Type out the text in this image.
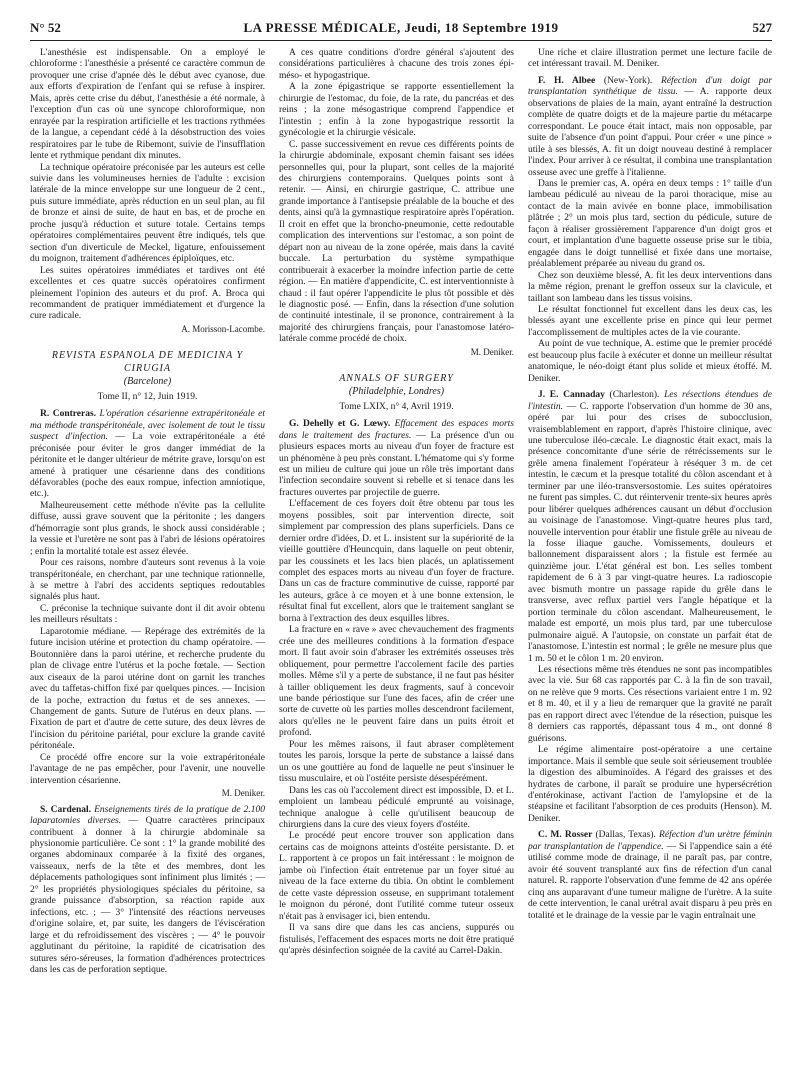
N° 52	LA PRESSE MÉDICALE, Jeudi, 18 Septembre 1919	527

L'anesthésie est indispensable. On a employé le chloroforme : l'anesthésie a présenté ce caractère commun de provoquer une crise d'apnée dès le début avec cyanose, due aux efforts d'expiration de l'enfant qui se refuse à inspirer. Mais, après cette crise du début, l'anesthésie a été normale, à l'exception d'un cas où une syncope chloroformique, non enrayée par la respiration artificielle et les tractions rythmées de la langue, a cependant cédé à la désobstruction des voies respiratoires par le tube de Ribemont, suivie de l'insufflation lente et rythmique pendant dix minutes.

La technique opératoire préconisée par les auteurs est celle suivie dans les volumineuses hernies de l'adulte : excision latérale de la mince enveloppe sur une longueur de 2 cent., puis suture immédiate, après réduction en un seul plan, au fil de bronze et ainsi de suite, de haut en bas, et de proche en proche jusqu'à réduction et suture totale. Certains temps opératoires complémentaires peuvent être indiqués, tels que section d'un diverticule de Meckel, ligature, enfouissement du moignon, traitement d'adhérences épiploïques, etc.

Les suites opératoires immédiates et tardives ont été excellentes et ces quatre succès opératoires confirment pleinement l'opinion des auteurs et du prof. A. Broca qui recommandent de pratiquer immédiatement et d'urgence la cure radicale.

A. Morisson-Lacombe.

REVISTA ESPANOLA DE MEDICINA Y CIRUGIA

(Barcelone)

Tome II, n° 12, Juin 1919.

R. Contreras. L'opération césarienne extrapéritonéale et ma méthode transpéritonéale, avec isolement de tout le tissu suspect d'infection. — La voie extrapéritonéale a été préconisée pour éviter le gros danger immédiat de la péritonite et le danger ultérieur de métrite grave, lorsqu'on est amené à pratiquer une césarienne dans des conditions défavorables (poche des eaux rompue, infection amniotique, etc.).

Malheureusement cette méthode n'évite pas la cellulite diffuse, aussi grave souvent que la péritonite ; les dangers d'hémorragie sont plus grands, le shock aussi considérable ; la vessie et l'uretère ne sont pas à l'abri de lésions opératoires ; enfin la mortalité totale est assez élevée.

Pour ces raisons, nombre d'auteurs sont revenus à la voie transpéritonéale, en cherchant, par une technique rationnelle, à se mettre à l'abri des accidents septiques redoutables signalés plus haut.

C. préconise la technique suivante dont il dit avoir obtenu les meilleurs résultats :

Laparotomie médiane. — Repérage des extrémités de la future incision utérine et protection du champ opératoire. — Boutonnière dans la paroi utérine, et recherche prudente du plan de clivage entre l'utérus et la poche fœtale. — Section aux ciseaux de la paroi utérine dont on garnit les tranches avec du taffetas-chiffon fixé par quelques pinces. — Incision de la poche, extraction du fœtus et de ses annexes. — Changement de gants. Suture de l'utérus en deux plans. — Fixation de part et d'autre de cette suture, des deux lèvres de l'incision du péritoine pariétal, pour exclure la grande cavité péritonéale.

Ce procédé offre encore sur la voie extrapéritonéale l'avantage de ne pas empêcher, pour l'avenir, une nouvelle intervention césarienne.

M. Deniker.

S. Cardenal. Enseignements tirés de la pratique de 2.100 laparatomies diverses. — Quatre caractères principaux contribuent à donner à la chirurgie abdominale sa physionomie particulière. Ce sont : 1° la grande mobilité des organes abdominaux comparée à la fixité des organes, vaisseaux, nerfs de la tête et des membres, dont les déplacements pathologiques sont infiniment plus limités ; — 2° les propriétés physiologiques spéciales du péritoine, sa grande puissance d'absorption, sa réaction rapide aux infections, etc. ; — 3° l'intensité des réactions nerveuses d'origine solaire, et, par suite, les dangers de l'éviscération large et du refroidissement des viscères ; — 4° le pouvoir agglutinant du péritoine, la rapidité de cicatrisation des sutures séro-séreuses, la formation d'adhérences protectrices dans les cas de perforation septique.

A ces quatre conditions d'ordre général s'ajoutent des considérations particulières à chacune des trois zones épi- méso- et hypogastrique.

A la zone épigastrique se rapporte essentiellement la chirurgie de l'estomac, du foie, de la rate, du pancréas et des reins ; la zone mésogastrique comprend l'appendice et l'intestin ; enfin à la zone hypogastrique ressortit la gynécologie et la chirurgie vésicale.

C. passe successivement en revue ces différents points de la chirurgie abdominale, exposant chemin faisant ses idées personnelles qui, pour la plupart, sont celles de la majorité des chirurgiens contemporains. Quelques points sont à retenir. — Ainsi, en chirurgie gastrique, C. attribue une grande importance à l'antisepsie préalable de la bouche et des dents, ainsi qu'à la gymnastique respiratoire après l'opération. Il croit en effet que la broncho-pneumonie, cette redoutable complication des interventions sur l'estomac, a son point de départ non au niveau de la zone opérée, mais dans la cavité buccale. La perturbation du système sympathique contribuerait à exacerber la moindre infection partie de cette région. — En matière d'appendicite, C. est interventionniste à chaud : il faut opérer l'appendicite le plus tôt possible et dès le diagnostic posé. — Enfin, dans la résection d'une solution de continuité intestinale, il se prononce, contrairement à la majorité des chirurgiens français, pour l'anastomose latéro-latérale comme procédé de choix.

M. Deniker.

ANNALS OF SURGERY

(Philadelphie, Londres)

Tome LXIX, n° 4, Avril 1919.

G. Dehelly et G. Lœwy. Effacement des espaces morts dans le traitement des fractures. — La présence d'un ou plusieurs espaces morts au niveau d'un foyer de fracture est un phénomène à peu près constant. L'hématome qui s'y forme est un milieu de culture qui joue un rôle très important dans l'infection secondaire souvent si rebelle et si tenace dans les fractures ouvertes par projectile de guerre.

L'effacement de ces foyers doit être obtenu par tous les moyens possibles, soit par intervention directe, soit simplement par compression des plans superficiels. Dans ce dernier ordre d'idées, D. et L. insistent sur la supériorité de la vieille gouttière d'Heuncquin, dans laquelle on peut obtenir, par les coussinets et les lacs bien placés, un aplatissement complet des espaces morts au niveau d'un foyer de fracture. Dans un cas de fracture comminutive de cuisse, rapporté par les auteurs, grâce à ce moyen et à une bonne extension, le résultat final fut excellent, alors que le traitement sanglant se borna à l'extraction des deux esquilles libres.

La fracture en « rave » avec chevauchement des fragments crée une des meilleures conditions à la formation d'espace mort. Il faut avoir soin d'abraser les extrémités osseuses très obliquement, pour permettre l'accolement facile des parties molles. Même s'il y a perte de substance, il ne faut pas hésiter à tailler obliquement les deux fragments, sauf à concevoir une bande périostique sur l'une des faces, afin de créer une sorte de cuvette où les parties molles descendront facilement, alors qu'elles ne le peuvent faire dans un puits étroit et profond.

Pour les mêmes raisons, il faut abraser complètement toutes les parois, lorsque la perte de substance a laissé dans un os une gouttière au fond de laquelle ne peut s'insinuer le tissu musculaire, et où l'ostéite persiste désespérément.

Dans les cas où l'accolement direct est impossible, D. et L. emploient un lambeau pédiculé emprunté au voisinage, technique analogue à celle qu'utilisent beaucoup de chirurgiens dans la cure des vieux foyers d'ostéite.

Le procédé peut encore trouver son application dans certains cas de moignons atteints d'ostéite persistante. D. et L. rapportent à ce propos un fait intéressant : le moignon de jambe où l'infection était entretenue par un foyer situé au niveau de la face externe du tibia. On obtint le comblement de cette vaste dépression osseuse, en supprimant totalement le moignon du péroné, dont l'utilité comme tuteur osseux n'était pas à envisager ici, bien entendu.

Il va sans dire que dans les cas anciens, suppurés ou fistulisés, l'effacement des espaces morts ne doit être pratiqué qu'après désinfection soignée de la cavité au Carrel-Dakin.

Une riche et claire illustration permet une lecture facile de cet intéressant travail. M. Deniker.

F. H. Albee (New-York). Réfection d'un doigt par transplantation synthétique de tissu. — A. rapporte deux observations de plaies de la main, ayant entraîné la destruction complète de quatre doigts et de la majeure partie du métacarpe correspondant. Le pouce était intact, mais non opposable, par suite de l'absence d'un point d'appui. Pour créer « une pince » utile à ses blessés, A. fit un doigt nouveau destiné à remplacer l'index. Pour arriver à ce résultat, il combina une transplantation osseuse avec une greffe à l'italienne.

Dans le premier cas, A. opéra en deux temps : 1° taille d'un lambeau pédiculé au niveau de la paroi thoracique, mise au contact de la main avivée en bonne place, immobilisation plâtrée ; 2° un mois plus tard, section du pédicule, suture de façon à réaliser grossièrement l'apparence d'un doigt gros et court, et implantation d'une baguette osseuse prise sur le tibia, engagée dans le doigt tunnellisé et fixée dans une mortaise, préalablement préparée au niveau du grand os.

Chez son deuxième blessé, A. fit les deux interventions dans la même région, prenant le greffon osseux sur la clavicule, et taillant son lambeau dans les tissus voisins.

Le résultat fonctionnel fut excellent dans les deux cas, les blessés ayant une excellente prise en pince qui leur permet l'accomplissement de multiples actes de la vie courante.

Au point de vue technique, A. estime que le premier procédé est beaucoup plus facile à exécuter et donne un meilleur résultat anatomique, le néo-doigt étant plus solide et mieux étoffé. M. Deniker.

J. E. Cannaday (Charleston). Les résections étendues de l'intestin. — C. rapporte l'observation d'un homme de 30 ans, opéré par lui pour des crises de subocclusion, vraisemblablement en rapport, d'après l'histoire clinique, avec une tuberculose iléo-cæcale. Le diagnostic était exact, mais la présence concomitante d'une série de rétrécissements sur le grêle amena finalement l'opérateur à réséquer 3 m. de cet intestin, le cæcum et la presque totalité du côlon ascendant et à terminer par une iléo-transversostomie. Les suites opératoires ne furent pas simples. C. dut réintervenir trente-six heures après pour libérer quelques adhérences causant un début d'occlusion au voisinage de l'anastomose. Vingt-quatre heures plus tard, nouvelle intervention pour établir une fistule grêle au niveau de la fosse iliaque gauche. Vomissements, douleurs et ballonnement disparaissent alors ; la fistule est fermée au quinzième jour. L'état général est bon. Les selles tombent rapidement de 6 à 3 par vingt-quatre heures. La radioscopie avec bismuth montre un passage rapide du grêle dans le transverse, avec reflux partiel vers l'angle hépatique et la portion terminale du côlon ascendant. Malheureusement, le malade est emporté, un mois plus tard, par une tuberculose pulmonaire aiguë. A l'autopsie, on constate un parfait état de l'anastomose. L'intestin est normal ; le grêle ne mesure plus que 1 m. 50 et le côlon 1 m. 20 environ.

Les résections même très étendues ne sont pas incompatibles avec la vie. Sur 68 cas rapportés par C. à la fin de son travail, on ne relève que 9 morts. Ces résections variaient entre 1 m. 92 et 8 m. 40, et il y a lieu de remarquer que la gravité ne paraît pas en rapport direct avec l'étendue de la résection, puisque les 8 derniers cas rapportés, dépassant tous 4 m., ont donné 8 guérisons.

Le régime alimentaire post-opératoire a une certaine importance. Mais il semble que seule soit sérieusement troublée la digestion des albuminoïdes. A l'égard des graisses et des hydrates de carbone, il paraît se produire une hypersécrétion d'entérokinase, activant l'action de l'amylopsine et de la stéapsine et facilitant l'absorption de ces produits (Henson). M. Deniker.

C. M. Rosser (Dallas, Texas). Réfection d'un urètre féminin par transplantation de l'appendice. — Si l'appendice sain a été utilisé comme mode de drainage, il ne paraît pas, par contre, avoir été souvent transplanté aux fins de réfection d'un canal naturel. R. rapporte l'observation d'une femme de 42 ans opérée cinq ans auparavant d'une tumeur maligne de l'urètre. A la suite de cette intervention, le canal urétral avait disparu à peu près en totalité et le drainage de la vessie par le vagin entraînait une
